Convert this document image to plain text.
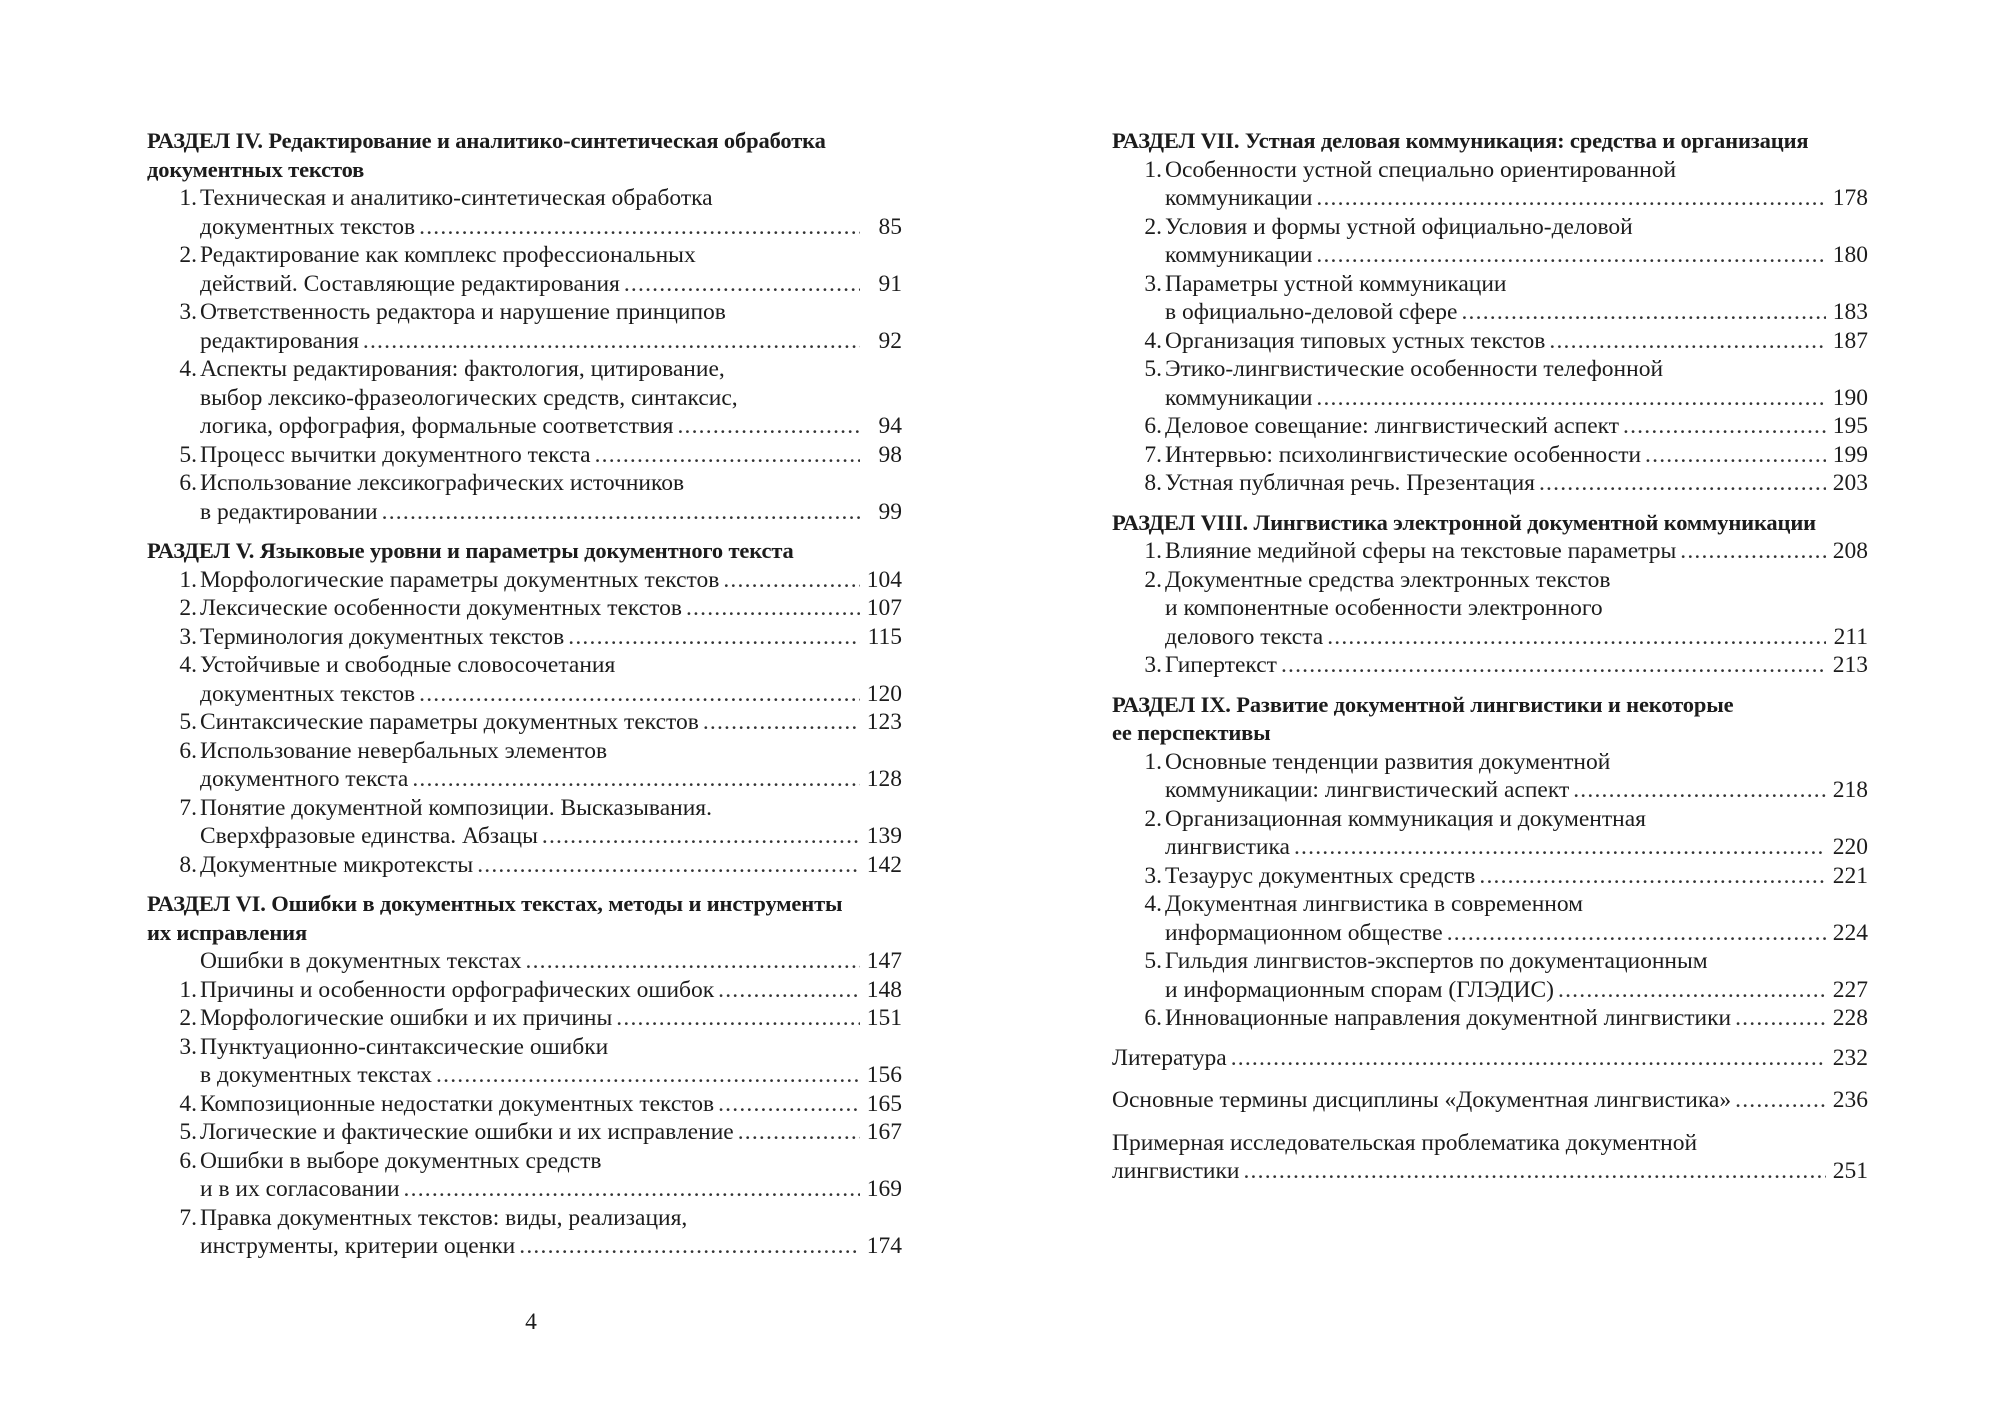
РАЗДЕЛ IV. Редактирование и аналитико-синтетическая обработка
документных текстов
1. Техническая и аналитико-синтетическая обработка
документных текстов .....	85
2. Редактирование как комплекс профессиональных
действий. Составляющие редактирования .....	91
3. Ответственность редактора и нарушение принципов
редактирования .....	92
4. Аспекты редактирования: фактология, цитирование,
выбор лексико-фразеологических средств, синтаксис,
логика, орфография, формальные соответствия .....	94
5. Процесс вычитки документного текста .....	98
6. Использование лексикографических источников
в редактировании .....	99
РАЗДЕЛ V. Языковые уровни и параметры документного текста
1. Морфологические параметры документных текстов .....	104
2. Лексические особенности документных текстов .....	107
3. Терминология документных текстов .....	115
4. Устойчивые и свободные словосочетания
документных текстов .....	120
5. Синтаксические параметры документных текстов .....	123
6. Использование невербальных элементов
документного текста .....	128
7. Понятие документной композиции. Высказывания.
Сверхфразовые единства. Абзацы .....	139
8. Документные микротексты .....	142
РАЗДЕЛ VI. Ошибки в документных текстах, методы и инструменты
их исправления
Ошибки в документных текстах .....	147
1. Причины и особенности орфографических ошибок .....	148
2. Морфологические ошибки и их причины .....	151
3. Пунктуационно-синтаксические ошибки
в документных текстах .....	156
4. Композиционные недостатки документных текстов .....	165
5. Логические и фактические ошибки и их исправление .....	167
6. Ошибки в выборе документных средств
и в их согласовании .....	169
7. Правка документных текстов: виды, реализация,
инструменты, критерии оценки .....	174
РАЗДЕЛ VII. Устная деловая коммуникация: средства и организация
1. Особенности устной специально ориентированной
коммуникации .....	178
2. Условия и формы устной официально-деловой
коммуникации .....	180
3. Параметры устной коммуникации
в официально-деловой сфере .....	183
4. Организация типовых устных текстов .....	187
5. Этико-лингвистические особенности телефонной
коммуникации .....	190
6. Деловое совещание: лингвистический аспект .....	195
7. Интервью: психолингвистические особенности .....	199
8. Устная публичная речь. Презентация .....	203
РАЗДЕЛ VIII. Лингвистика электронной документной коммуникации
1. Влияние медийной сферы на текстовые параметры .....	208
2. Документные средства электронных текстов
и компонентные особенности электронного
делового текста .....	211
3. Гипертекст .....	213
РАЗДЕЛ IX. Развитие документной лингвистики и некоторые
ее перспективы
1. Основные тенденции развития документной
коммуникации: лингвистический аспект .....	218
2. Организационная коммуникация и документная
лингвистика .....	220
3. Тезаурус документных средств .....	221
4. Документная лингвистика в современном
информационном обществе .....	224
5. Гильдия лингвистов-экспертов по документационным
и информационным спорам (ГЛЭДИС) .....	227
6. Инновационные направления документной лингвистики .....	228
Литература .....	232
Основные термины дисциплины «Документная лингвистика» .....	236
Примерная исследовательская проблематика документной
лингвистики .....	251
4
